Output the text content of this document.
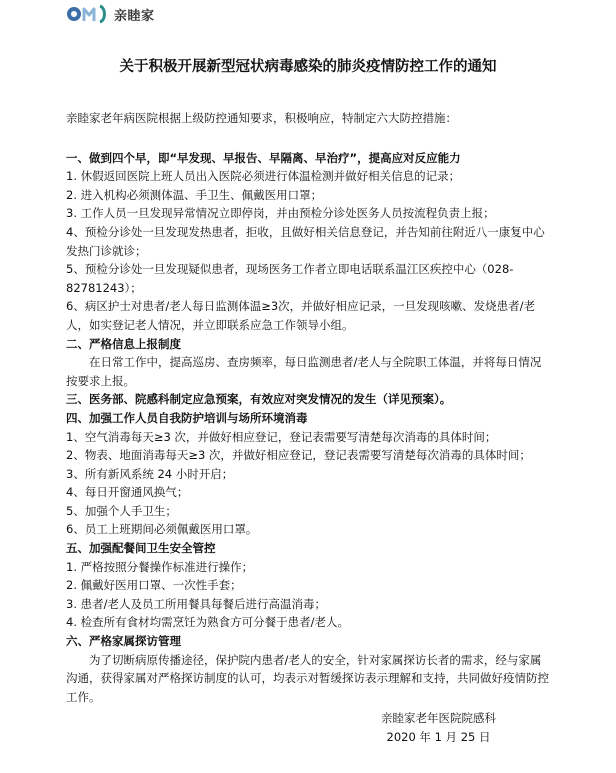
亲睦家
关于积极开展新型冠状病毒感染的肺炎疫情防控工作的通知

亲睦家老年病医院根据上级防控通知要求，积极响应，特制定六大防控措施：

一、做到四个早，即“早发现、早报告、早隔离、早治疗”，提高应对反应能力

1. 休假返回医院上班人员出入医院必须进行体温检测并做好相关信息的记录；

2. 进入机构必须测体温、手卫生、佩戴医用口罩；

3. 工作人员一旦发现异常情况立即停岗，并由预检分诊处医务人员按流程负责上报；

4、预检分诊处一旦发现发热患者，拒收，且做好相关信息登记，并告知前往附近八一康复中心发热门诊就诊；

5、预检分诊处一旦发现疑似患者，现场医务工作者立即电话联系温江区疾控中心（028-82781243）；

6、病区护士对患者/老人每日监测体温≥3次，并做好相应记录，一旦发现咳嗽、发烧患者/老人，如实登记老人情况，并立即联系应急工作领导小组。

二、严格信息上报制度

在日常工作中，提高巡房、查房频率，每日监测患者/老人与全院职工体温，并将每日情况按要求上报。

三、医务部、院感科制定应急预案，有效应对突发情况的发生（详见预案）。

四、加强工作人员自我防护培训与场所环境消毒

1、空气消毒每天≥3 次，并做好相应登记，登记表需要写清楚每次消毒的具体时间；

2、物表、地面消毒每天≥3 次，并做好相应登记，登记表需要写清楚每次消毒的具体时间；

3、所有新风系统 24 小时开启；

4、每日开窗通风换气；

5、加强个人手卫生；

6、员工上班期间必须佩戴医用口罩。

五、加强配餐间卫生安全管控

1. 严格按照分餐操作标准进行操作；

2. 佩戴好医用口罩、一次性手套；

3. 患者/老人及员工所用餐具每餐后进行高温消毒；

4. 检查所有食材均需烹饪为熟食方可分餐于患者/老人。

六、严格家属探访管理

为了切断病原传播途径，保护院内患者/老人的安全，针对家属探访长者的需求，经与家属沟通，获得家属对严格探访制度的认可，均表示对暂缓探访表示理解和支持，共同做好疫情防控工作。

亲睦家老年医院院感科
2020 年 1 月 25 日
